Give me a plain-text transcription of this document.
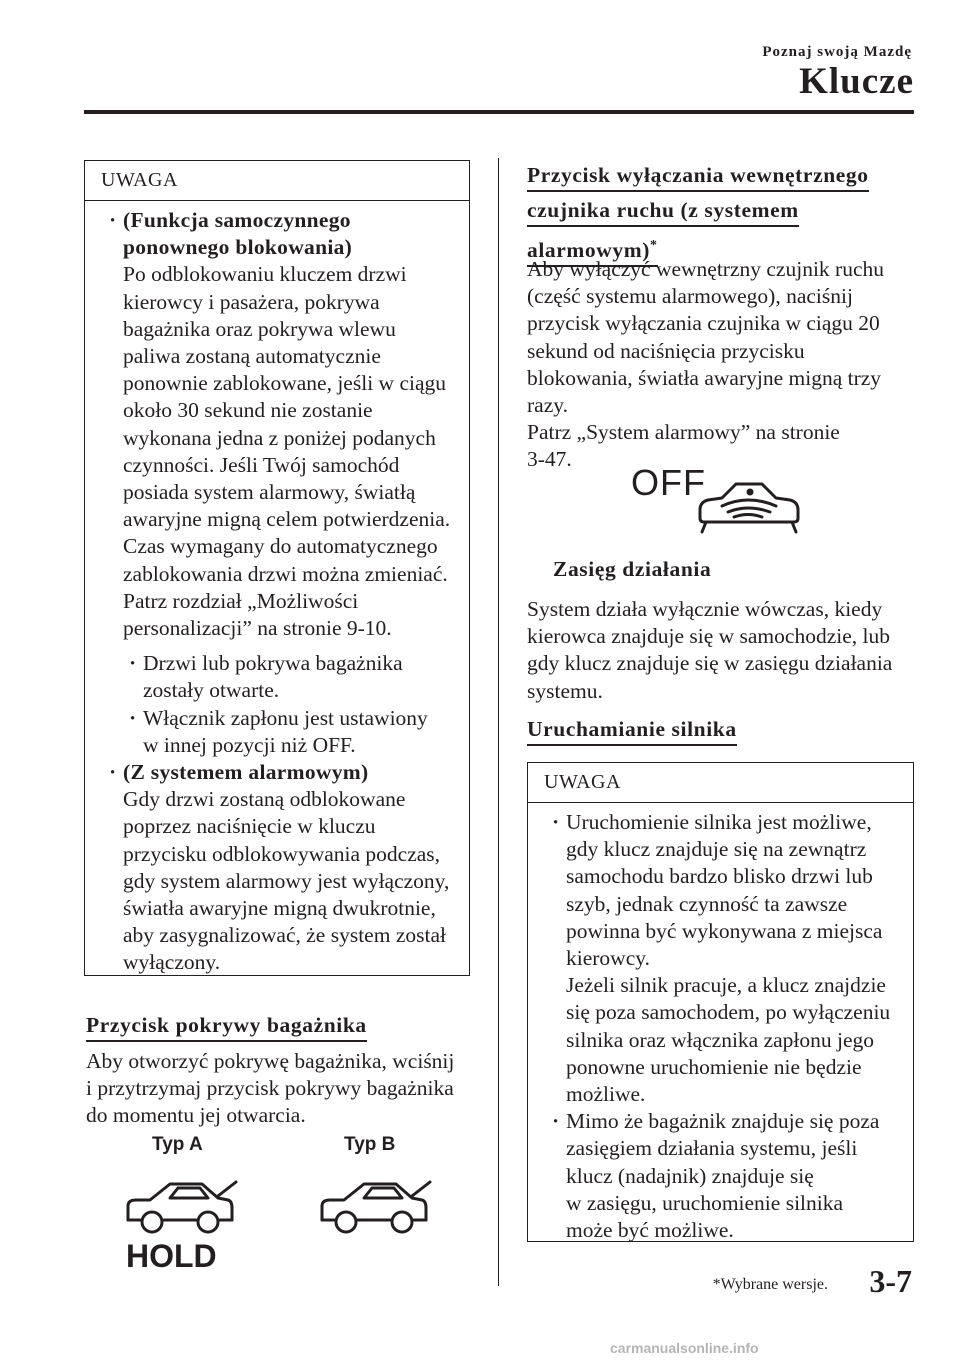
Poznaj swoją Mazdę
Klucze
UWAGA
· (Funkcja samoczynnego
ponownego blokowania)
Po odblokowaniu kluczem drzwi
kierowcy i pasażera, pokrywa
bagażnika oraz pokrywa wlewu
paliwa zostaną automatycznie
ponownie zablokowane, jeśli w ciągu
około 30 sekund nie zostanie
wykonana jedna z poniżej podanych
czynności. Jeśli Twój samochód
posiada system alarmowy, światłą
awaryjne migną celem potwierdzenia.
Czas wymagany do automatycznego
zablokowania drzwi można zmieniać.
Patrz rozdział „Możliwości
personalizacji” na stronie 9-10.
· Drzwi lub pokrywa bagażnika
zostały otwarte.
· Włącznik zapłonu jest ustawiony
w innej pozycji niż OFF.
· (Z systemem alarmowym)
Gdy drzwi zostaną odblokowane
poprzez naciśnięcie w kluczu
przycisku odblokowywania podczas,
gdy system alarmowy jest wyłączony,
światła awaryjne migną dwukrotnie,
aby zasygnalizować, że system został
wyłączony.
Przycisk pokrywy bagażnika
Aby otworzyć pokrywę bagażnika, wciśnij
i przytrzymaj przycisk pokrywy bagażnika
do momentu jej otwarcia.
Typ A	Typ B
HOLD
Przycisk wyłączania wewnętrznego
czujnika ruchu (z systemem
alarmowym)*
Aby wyłączyć wewnętrzny czujnik ruchu
(część systemu alarmowego), naciśnij
przycisk wyłączania czujnika w ciągu 20
sekund od naciśnięcia przycisku
blokowania, światła awaryjne migną trzy
razy.
Patrz „System alarmowy” na stronie
3-47.
OFF
Zasięg działania
System działa wyłącznie wówczas, kiedy
kierowca znajduje się w samochodzie, lub
gdy klucz znajduje się w zasięgu działania
systemu.
Uruchamianie silnika
UWAGA
· Uruchomienie silnika jest możliwe,
gdy klucz znajduje się na zewnątrz
samochodu bardzo blisko drzwi lub
szyb, jednak czynność ta zawsze
powinna być wykonywana z miejsca
kierowcy.
Jeżeli silnik pracuje, a klucz znajdzie
się poza samochodem, po wyłączeniu
silnika oraz włącznika zapłonu jego
ponowne uruchomienie nie będzie
możliwe.
· Mimo że bagażnik znajduje się poza
zasięgiem działania systemu, jeśli
klucz (nadajnik) znajduje się
w zasięgu, uruchomienie silnika
może być możliwe.
*Wybrane wersje. 3-7
carmanualsonline.info
